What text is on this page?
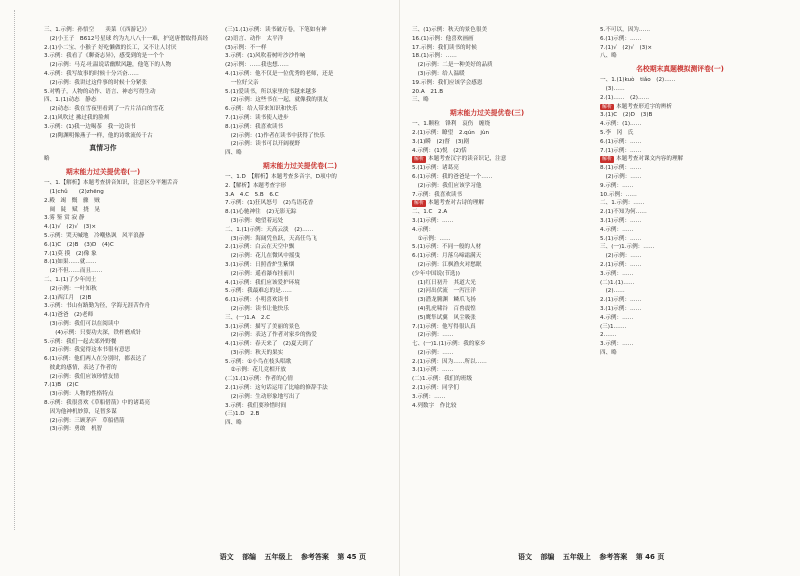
三、1.示例：孙悟空　　卖菜（《西游记》）
　(2)小王子　B612号星球 约为九八八十一难，护送唐僧取得真经
2.(1)小二宝、小猴子 好吃懒做的长工，又不让人讨厌
3.示例：我看了《聊斋志异》，感受到的是一个个
　(2)示例：马克·吐温说话幽默风趣，他笔下的人物
4.示例：我写故事的时候十分兴奋……
　(2)示例：我讲过这件事的时候十分紧张
5.对鸭子，人物的动作、语言、神态写得生动
四、1.(1)动态　静态
　(2)动态：我在雪夜里看到了一片片洁白的雪花
2.(1)风吹过 拂过我的脸颊
3.示例：(1)我一边喝茶　我一边读书
　(2)陶渊明像燕子一样，他的诗歌流传千古
真情习作
略
期末能力过关提优卷(一)
一、1.【解析】本题考查拼音知识，注意区分平翘舌音
　(1)chǔ　　(2)zhēng
2.殿　竭　慨　骤　贼
　阔　陡　赋　挠　晃
3.雾 鉴 赏 寂 静
4.(1)√　(2)√　(3)×
5.示例：哭天喊地　冷嘲热讽　风平浪静
6.(1)C　(2)B　(3)D　(4)C
7.(1)莫 摸　(2)像 象
8.(1)如果……就……
　(2)不但……而且……
二、1.(1)了少年闰土
　(2)示例：一叶知秋
2.(1)西江月　(2)B
3.示例：书山有路勤为径，学海无涯苦作舟
4.(1)爸爸　(2)老师
　(3)示例：我们可以在阅读中
　　(4)示例：只要功夫深，铁杵磨成针
5.示例：我们一起去郊外野餐
　(2)示例：我觉得这本书很有意思
6.(1)示例：他们两人在分别时，都表达了
　彼此的感情，表达了作者的
　(2)示例：我们应该珍惜友情
7.(1)B　(2)C
　(3)示例：人物的性格特点
8.示例：我很喜欢《草船借箭》中的诸葛亮
　因为他神机妙算，足智多谋
　(2)示例：三顾茅庐　草船借箭
　(3)示例：勇敢　机智
(三)1.(1)示例：读书破万卷，下笔如有神
(2)语言、动作　太平洋
(3)示例：不一样
3.示例：(1)风吹着树叶沙沙作响
(2)示例：……我也想……
4.(1)示例：他不仅是一位优秀的老师，还是
　一位好父亲
5.(1)爱读书，所以家里的书越来越多
　(2)示例：这些书在一起，就像我的朋友
6.示例：给人带来知识和快乐
7.(1)示例：读书使人进步
8.(1)示例：我喜欢读书
　(2)示例：(1)作者在读书中获得了快乐
　(2)示例：读书可以开阔视野
四、略
期末能力过关提优卷(二)
一、1.D　【解析】本题考查多音字，D项中的
2.【解析】本题考查字形
3.A　4.C　5.B　6.C
7.示例：(1)狂风怒号　(2)鸟语花香
8.(1)心驰神往　(2)无影无踪
　(3)示例：她望着远处
二、1.(1)示例：天高云淡　(2)……
　(3)示例：海阔凭鱼跃，天高任鸟飞
2.(1)示例：白云在天空中飘
　(2)示例：花儿在微风中摇曳
3.(1)示例：日照香炉生紫烟
　(2)示例：遥看瀑布挂前川
4.(1)示例：我们应该爱护环境
5.示例：我最难忘的是……
6.(1)示例：小明喜欢读书
　(2)示例：读书让他快乐
三、(一)1.A　2.C
3.(1)示例：描写了美丽的景色
　(2)示例：表达了作者对家乡的热爱
4.(1)示例：春天来了　(2)夏天到了
　(3)示例：秋天的果实
5.示例：①小鸟在枝头唱歌
　②示例：花儿竞相开放
(二)1.(1)示例：作者的心情
2.(1)示例：这句话运用了比喻的修辞手法
　(2)示例：生动形象地写出了
3.示例：我们要珍惜时间
(三)1.D　2.B
四、略
语文 部编 五年级上 参考答案 第 45 页
三、(1)示例：秋天的景色很美
16.(1)示例：他喜欢画画
17.示例：我们读书的时候
18.(1)示例：……
　(2)示例：二是一种美好的品质
　(3)示例：给人温暖
19.示例：我们应该学会感恩
20.A　21.B
三、略
期末能力过关提优卷(三)
一、1.颗粒　锋利　哀伤　缠绕
2.(1)示例：瞭望　2.qún　jùn
3.(1)瞬　(2)督　(3)剧
4.示例：(1)悦　(2)恬
解析 本题考查汉字的读音识记，注意
5.(1)示例：诸葛亮
6.(1)示例：我的爸爸是一个……
　(2)示例：我们应该学习他
7.示例：我喜欢读书
解析 本题考查对古诗的理解
二、1.C　2.A
3.(1)示例：……
4.示例：
　①示例：……
5.(1)示例：不同一般的人材
6.(1)示例：月落乌啼霜满天
　(2)示例：江枫渔火对愁眠
(少年中国说(节选))
　(1)红日初升　其道大光
　(2)河出伏流　一泻汪洋
　(3)潜龙腾渊　鳞爪飞扬
　(4)乳虎啸谷　百兽震惶
　(5)鹰隼试翼　风尘吸张
7.(1)示例：他写得很认真
　(2)示例：……
七、(一)1.(1)示例：我的家乡
　(2)示例：……
2.(1)示例：因为……所以……
3.(1)示例：……
(二)1.示例：我们的班级
2.(1)示例：同学们
3.示例：……
4.列数字　作比较
5.不可以，因为……
6.(1)示例：……
7.(1)√　(2)√　(3)×
八、略
名校期末真题模拟测评卷(一)
一、1.(1)kuò　tiǎo　(2)……
　(3)……
2.(1)……　(2)……
解析 本题考查形近字的辨析
3.(1)C　(2)D　(3)B
4.示例：(1)……
5.李　冈　氏
6.(1)示例：……
7.(1)示例：……
解析 本题考查对课文内容的理解
8.(1)示例：……
　(2)示例：……
9.示例：……
10.示例：……
二、1.示例：……
2.(1)不知为何……
3.(1)示例：……
4.示例：……
5.(1)示例：……
三、(一)1.示例：……
　(2)示例：……
2.(1)示例：……
3.示例：……
(二)1.(1)……
　(2)……
2.(1)示例：……
3.(1)示例：……
4.示例：……
(三)1.……
2.……
3.示例：……
四、略
语文 部编 五年级上 参考答案 第 46 页
